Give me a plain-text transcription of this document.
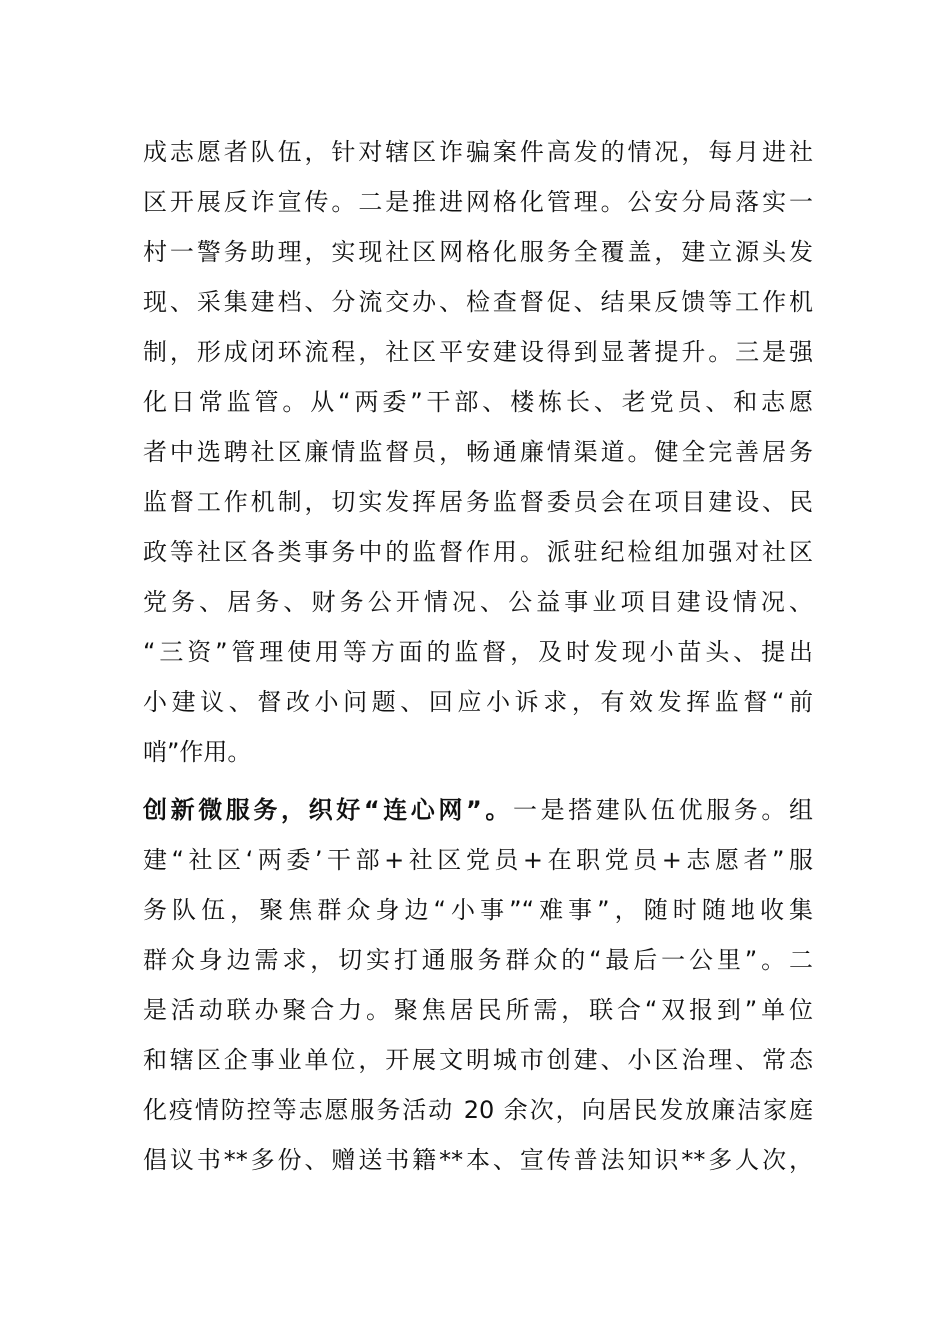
成志愿者队伍，针对辖区诈骗案件高发的情况，每月进社
区开展反诈宣传。二是推进网格化管理。公安分局落实一
村一警务助理，实现社区网格化服务全覆盖，建立源头发
现、采集建档、分流交办、检查督促、结果反馈等工作机
制，形成闭环流程，社区平安建设得到显著提升。三是强
化日常监管。从“两委”干部、楼栋长、老党员、和志愿
者中选聘社区廉情监督员，畅通廉情渠道。健全完善居务
监督工作机制，切实发挥居务监督委员会在项目建设、民
政等社区各类事务中的监督作用。派驻纪检组加强对社区
党务、居务、财务公开情况、公益事业项目建设情况、
“三资”管理使用等方面的监督，及时发现小苗头、提出
小建议、督改小问题、回应小诉求，有效发挥监督“前
哨”作用。
创新微服务，织好“连心网”。一是搭建队伍优服务。组
建“社区‘两委’干部+社区党员+在职党员+志愿者”服
务队伍，聚焦群众身边“小事”“难事”，随时随地收集
群众身边需求，切实打通服务群众的“最后一公里”。二
是活动联办聚合力。聚焦居民所需，联合“双报到”单位
和辖区企事业单位，开展文明城市创建、小区治理、常态
化疫情防控等志愿服务活动 20 余次，向居民发放廉洁家庭
倡议书**多份、赠送书籍**本、宣传普法知识**多人次，
